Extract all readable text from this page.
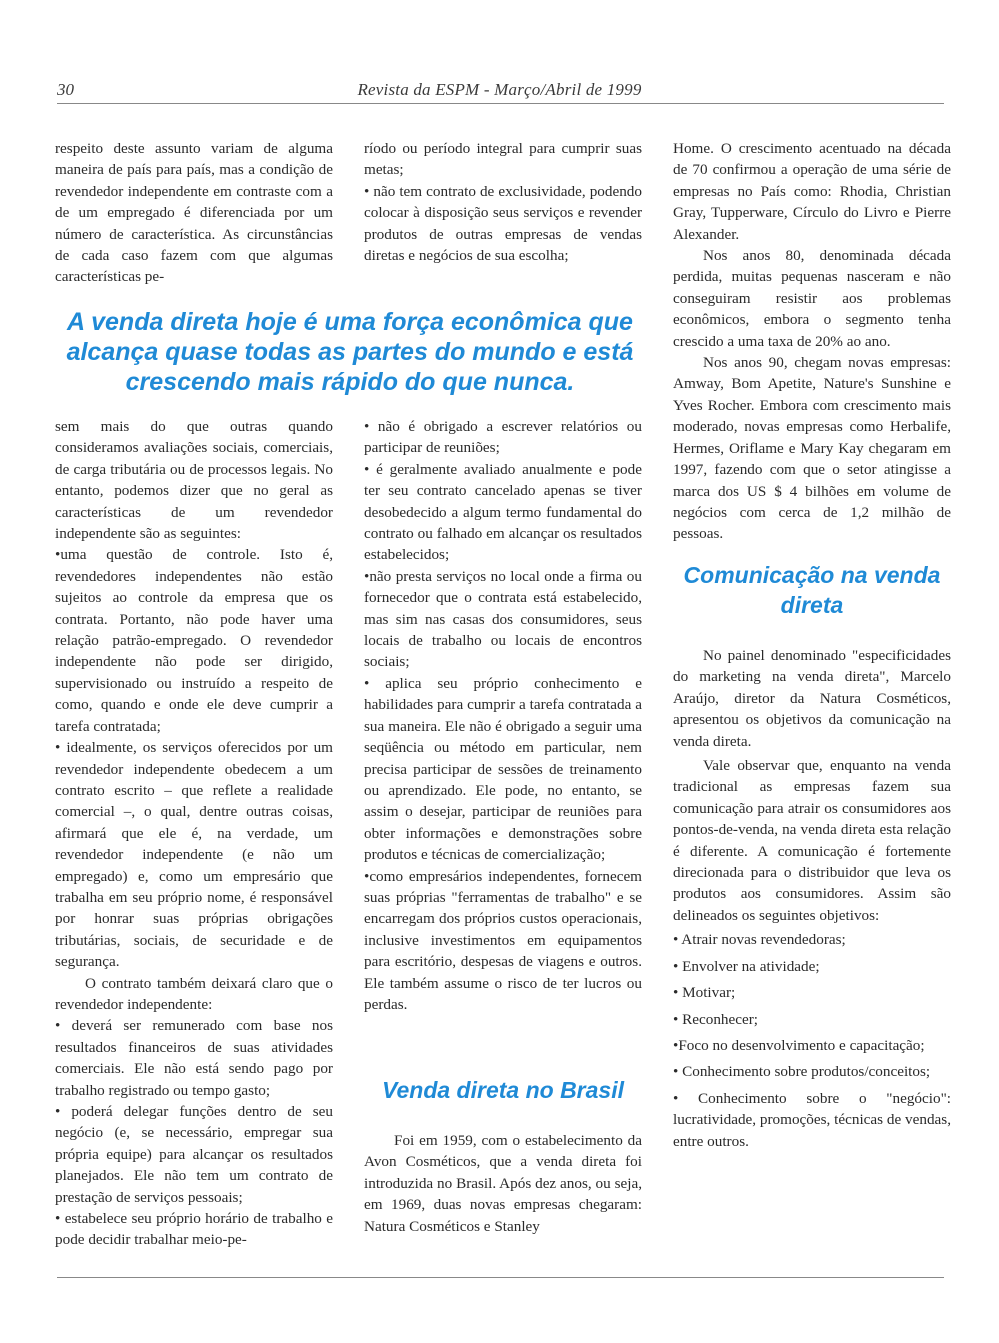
30	Revista da ESPM - Março/Abril de 1999

respeito deste assunto variam de alguma maneira de país para país, mas a condição de revendedor independente em contraste com a de um empregado é diferenciada por um número de característica. As circunstâncias de cada caso fazem com que algumas características pe-

ríodo ou período integral para cumprir suas metas;

• não tem contrato de exclusividade, podendo colocar à disposição seus serviços e revender produtos de outras empresas de vendas diretas e negócios de sua escolha;

A venda direta hoje é uma força econômica que alcança quase todas as partes do mundo e está crescendo mais rápido do que nunca.

sem mais do que outras quando consideramos avaliações sociais, comerciais, de carga tributária ou de processos legais. No entanto, podemos dizer que no geral as características de um revendedor independente são as seguintes:

•uma questão de controle. Isto é, revendedores independentes não estão sujeitos ao controle da empresa que os contrata. Portanto, não pode haver uma relação patrão-empregado. O revendedor independente não pode ser dirigido, supervisionado ou instruído a respeito de como, quando e onde ele deve cumprir a tarefa contratada;

• idealmente, os serviços oferecidos por um revendedor independente obedecem a um contrato escrito – que reflete a realidade comercial –, o qual, dentre outras coisas, afirmará que ele é, na verdade, um revendedor independente (e não um empregado) e, como um empresário que trabalha em seu próprio nome, é responsável por honrar suas próprias obrigações tributárias, sociais, de securidade e de segurança.

O contrato também deixará claro que o revendedor independente:

• deverá ser remunerado com base nos resultados financeiros de suas atividades comerciais. Ele não está sendo pago por trabalho registrado ou tempo gasto;

• poderá delegar funções dentro de seu negócio (e, se necessário, empregar sua própria equipe) para alcançar os resultados planejados. Ele não tem um contrato de prestação de serviços pessoais;

• estabelece seu próprio horário de trabalho e pode decidir trabalhar meio-pe-

• não é obrigado a escrever relatórios ou participar de reuniões;

• é geralmente avaliado anualmente e pode ter seu contrato cancelado apenas se tiver desobedecido a algum termo fundamental do contrato ou falhado em alcançar os resultados estabelecidos;

•não presta serviços no local onde a firma ou fornecedor que o contrata está estabelecido, mas sim nas casas dos consumidores, seus locais de trabalho ou locais de encontros sociais;

• aplica seu próprio conhecimento e habilidades para cumprir a tarefa contratada a sua maneira. Ele não é obrigado a seguir uma seqüência ou método em particular, nem precisa participar de sessões de treinamento ou aprendizado. Ele pode, no entanto, se assim o desejar, participar de reuniões para obter informações e demonstrações sobre produtos e técnicas de comercialização;

•como empresários independentes, fornecem suas próprias "ferramentas de trabalho" e se encarregam dos próprios custos operacionais, inclusive investimentos em equipamentos para escritório, despesas de viagens e outros. Ele também assume o risco de ter lucros ou perdas.

Venda direta no Brasil

Foi em 1959, com o estabelecimento da Avon Cosméticos, que a venda direta foi introduzida no Brasil. Após dez anos, ou seja, em 1969, duas novas empresas chegaram: Natura Cosméticos e Stanley

Home. O crescimento acentuado na década de 70 confirmou a operação de uma série de empresas no País como: Rhodia, Christian Gray, Tupperware, Círculo do Livro e Pierre Alexander.

Nos anos 80, denominada década perdida, muitas pequenas nasceram e não conseguiram resistir aos problemas econômicos, embora o segmento tenha crescido a uma taxa de 20% ao ano.

Nos anos 90, chegam novas empresas: Amway, Bom Apetite, Nature's Sunshine e Yves Rocher. Embora com crescimento mais moderado, novas empresas como Herbalife, Hermes, Oriflame e Mary Kay chegaram em 1997, fazendo com que o setor atingisse a marca dos US $ 4 bilhões em volume de negócios com cerca de 1,2 milhão de pessoas.

Comunicação na venda direta

No painel denominado "especificidades do marketing na venda direta", Marcelo Araújo, diretor da Natura Cosméticos, apresentou os objetivos da comunicação na venda direta.

Vale observar que, enquanto na venda tradicional as empresas fazem sua comunicação para atrair os consumidores aos pontos-de-venda, na venda direta esta relação é diferente. A comunicação é fortemente direcionada para o distribuidor que leva os produtos aos consumidores. Assim são delineados os seguintes objetivos:

• Atrair novas revendedoras;

• Envolver na atividade;

• Motivar;

• Reconhecer;

•Foco no desenvolvimento e capacitação;

• Conhecimento sobre produtos/conceitos;

• Conhecimento sobre o "negócio": lucratividade, promoções, técnicas de vendas, entre outros.
